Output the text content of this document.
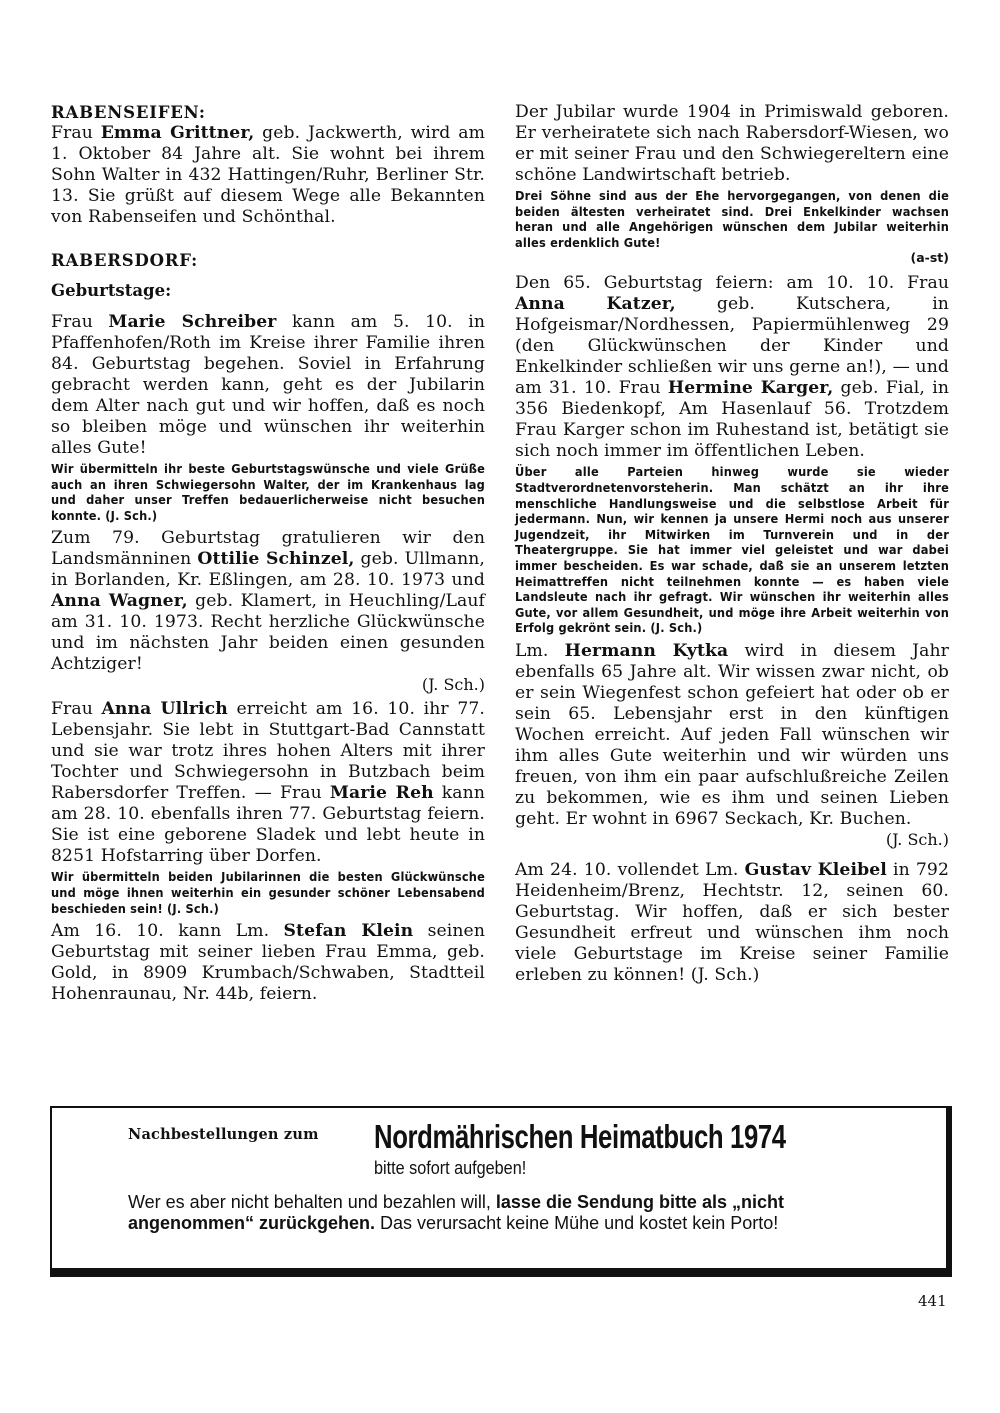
RABENSEIFEN:

Frau Emma Grittner, geb. Jackwerth, wird am 1. Oktober 84 Jahre alt. Sie wohnt bei ihrem Sohn Walter in 432 Hattingen/Ruhr, Berliner Str. 13. Sie grüßt auf diesem Wege alle Bekannten von Rabenseifen und Schönthal.

RABERSDORF:

Geburtstage:

Frau Marie Schreiber kann am 5. 10. in Pfaffenhofen/Roth im Kreise ihrer Familie ihren 84. Geburtstag begehen. Soviel in Erfahrung gebracht werden kann, geht es der Jubilarin dem Alter nach gut und wir hoffen, daß es noch so bleiben möge und wünschen ihr weiterhin alles Gute!

Wir übermitteln ihr beste Geburtstagswünsche und viele Grüße auch an ihren Schwiegersohn Walter, der im Krankenhaus lag und daher unser Treffen bedauerlicherweise nicht besuchen konnte. (J. Sch.)

Zum 79. Geburtstag gratulieren wir den Landsmänninen Ottilie Schinzel, geb. Ullmann, in Borlanden, Kr. Eßlingen, am 28. 10. 1973 und Anna Wagner, geb. Klamert, in Heuchling/Lauf am 31. 10. 1973. Recht herzliche Glückwünsche und im nächsten Jahr beiden einen gesunden Achtziger!

(J. Sch.)

Frau Anna Ullrich erreicht am 16. 10. ihr 77. Lebensjahr. Sie lebt in Stuttgart-Bad Cannstatt und sie war trotz ihres hohen Alters mit ihrer Tochter und Schwiegersohn in Butzbach beim Rabersdorfer Treffen. — Frau Marie Reh kann am 28. 10. ebenfalls ihren 77. Geburtstag feiern. Sie ist eine geborene Sladek und lebt heute in 8251 Hofstarring über Dorfen.

Wir übermitteln beiden Jubilarinnen die besten Glückwünsche und möge ihnen weiterhin ein gesunder schöner Lebensabend beschieden sein! (J. Sch.)

Am 16. 10. kann Lm. Stefan Klein seinen Geburtstag mit seiner lieben Frau Emma, geb. Gold, in 8909 Krumbach/Schwaben, Stadtteil Hohenraunau, Nr. 44b, feiern.

Der Jubilar wurde 1904 in Primiswald geboren. Er verheiratete sich nach Rabersdorf-Wiesen, wo er mit seiner Frau und den Schwiegereltern eine schöne Landwirtschaft betrieb.

Drei Söhne sind aus der Ehe hervorgegangen, von denen die beiden ältesten verheiratet sind. Drei Enkelkinder wachsen heran und alle Angehörigen wünschen dem Jubilar weiterhin alles erdenklich Gute!

(a-st)

Den 65. Geburtstag feiern: am 10. 10. Frau Anna Katzer, geb. Kutschera, in Hofgeismar/Nordhessen, Papiermühlenweg 29 (den Glückwünschen der Kinder und Enkelkinder schließen wir uns gerne an!), — und am 31. 10. Frau Hermine Karger, geb. Fial, in 356 Biedenkopf, Am Hasenlauf 56. Trotzdem Frau Karger schon im Ruhestand ist, betätigt sie sich noch immer im öffentlichen Leben.

Über alle Parteien hinweg wurde sie wieder Stadtverordnetenvorsteherin. Man schätzt an ihr ihre menschliche Handlungsweise und die selbstlose Arbeit für jedermann. Nun, wir kennen ja unsere Hermi noch aus unserer Jugendzeit, ihr Mitwirken im Turnverein und in der Theatergruppe. Sie hat immer viel geleistet und war dabei immer bescheiden. Es war schade, daß sie an unserem letzten Heimattreffen nicht teilnehmen konnte — es haben viele Landsleute nach ihr gefragt. Wir wünschen ihr weiterhin alles Gute, vor allem Gesundheit, und möge ihre Arbeit weiterhin von Erfolg gekrönt sein. (J. Sch.)

Lm. Hermann Kytka wird in diesem Jahr ebenfalls 65 Jahre alt. Wir wissen zwar nicht, ob er sein Wiegenfest schon gefeiert hat oder ob er sein 65. Lebensjahr erst in den künftigen Wochen erreicht. Auf jeden Fall wünschen wir ihm alles Gute weiterhin und wir würden uns freuen, von ihm ein paar aufschlußreiche Zeilen zu bekommen, wie es ihm und seinen Lieben geht. Er wohnt in 6967 Seckach, Kr. Buchen.

(J. Sch.)

Am 24. 10. vollendet Lm. Gustav Kleibel in 792 Heidenheim/Brenz, Hechtstr. 12, seinen 60. Geburtstag. Wir hoffen, daß er sich bester Gesundheit erfreut und wünschen ihm noch viele Geburtstage im Kreise seiner Familie erleben zu können! (J. Sch.)

Nachbestellungen zum Nordmährischen Heimatbuch 1974
bitte sofort aufgeben!
Wer es aber nicht behalten und bezahlen will, lasse die Sendung bitte als „nicht angenommen“ zurückgehen. Das verursacht keine Mühe und kostet kein Porto!
441
